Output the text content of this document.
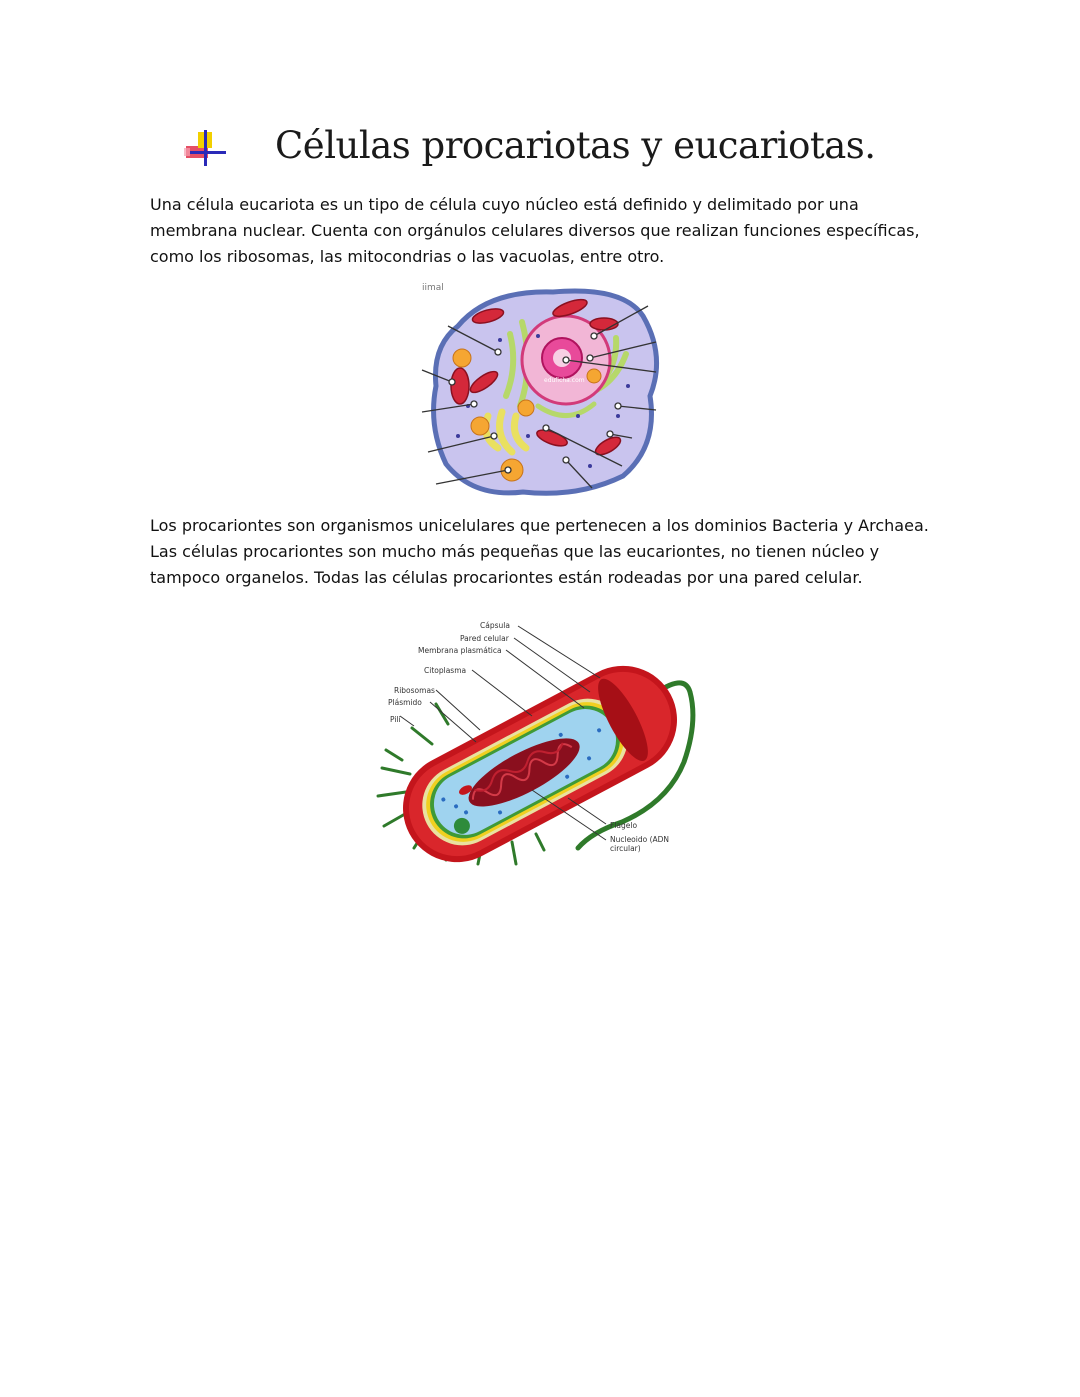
Células procariotas y eucariotas.

Una célula eucariota es un tipo de célula cuyo núcleo está definido y delimitado por una membrana nuclear. Cuenta con orgánulos celulares diversos que realizan funciones específicas, como los ribosomas, las mitocondrias o las vacuolas, entre otro.

iimal
eduficha.com

Los procariontes son organismos unicelulares que pertenecen a los dominios Bacteria y Archaea. Las células procariontes son mucho más pequeñas que las eucariontes, no tienen núcleo y tampoco organelos. Todas las células procariontes están rodeadas por una pared celular.

Cápsula
Pared celular
Membrana plasmática
Citoplasma
Ribosomas
Plásmido
Pili
Flagelo
Nucleoido (ADN
circular)
